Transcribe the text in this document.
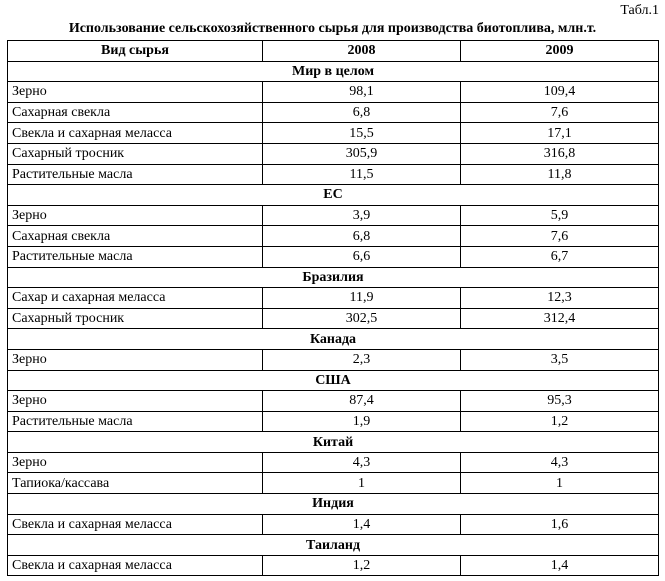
Табл.1
Использование сельскохозяйственного сырья для производства биотоплива, млн.т.
Вид сырья	2008	2009
Мир в целом		
Зерно	98,1	109,4
Сахарная свекла	6,8	7,6
Свекла и сахарная меласса	15,5	17,1
Сахарный тросник	305,9	316,8
Растительные масла	11,5	11,8
ЕС		
Зерно	3,9	5,9
Сахарная свекла	6,8	7,6
Растительные масла	6,6	6,7
Бразилия		
Сахар и сахарная меласса	11,9	12,3
Сахарный тросник	302,5	312,4
Канада		
Зерно	2,3	3,5
США		
Зерно	87,4	95,3
Растительные масла	1,9	1,2
Китай		
Зерно	4,3	4,3
Тапиока/кассава	1	1
Индия		
Свекла и сахарная меласса	1,4	1,6
Таиланд		
Свекла и сахарная меласса	1,2	1,4
